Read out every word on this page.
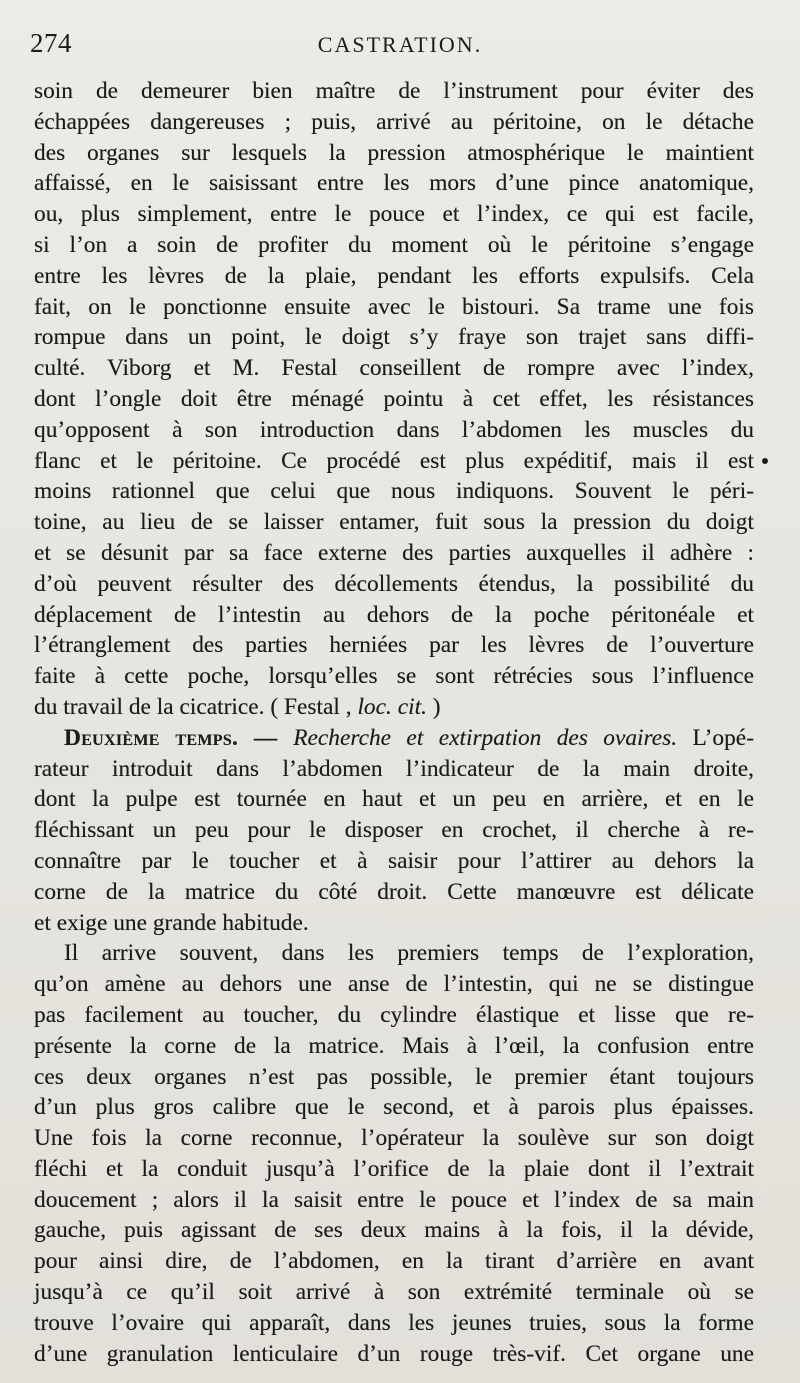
274	CASTRATION.
soin de demeurer bien maître de l’instrument pour éviter des
échappées dangereuses ; puis, arrivé au péritoine, on le détache
des organes sur lesquels la pression atmosphérique le maintient
affaissé, en le saisissant entre les mors d’une pince anatomique,
ou, plus simplement, entre le pouce et l’index, ce qui est facile,
si l’on a soin de profiter du moment où le péritoine s’engage
entre les lèvres de la plaie, pendant les efforts expulsifs. Cela
fait, on le ponctionne ensuite avec le bistouri. Sa trame une fois
rompue dans un point, le doigt s’y fraye son trajet sans diffi-
culté. Viborg et M. Festal conseillent de rompre avec l’index,
dont l’ongle doit être ménagé pointu à cet effet, les résistances
qu’opposent à son introduction dans l’abdomen les muscles du
flanc et le péritoine. Ce procédé est plus expéditif, mais il est
moins rationnel que celui que nous indiquons. Souvent le péri-
toine, au lieu de se laisser entamer, fuit sous la pression du doigt
et se désunit par sa face externe des parties auxquelles il adhère :
d’où peuvent résulter des décollements étendus, la possibilité du
déplacement de l’intestin au dehors de la poche péritonéale et
l’étranglement des parties herniées par les lèvres de l’ouverture
faite à cette poche, lorsqu’elles se sont rétrécies sous l’influence
du travail de la cicatrice. ( Festal , loc. cit. )
Deuxième temps. — Recherche et extirpation des ovaires. L’opé-
rateur introduit dans l’abdomen l’indicateur de la main droite,
dont la pulpe est tournée en haut et un peu en arrière, et en le
fléchissant un peu pour le disposer en crochet, il cherche à re-
connaître par le toucher et à saisir pour l’attirer au dehors la
corne de la matrice du côté droit. Cette manœuvre est délicate
et exige une grande habitude.
Il arrive souvent, dans les premiers temps de l’exploration,
qu’on amène au dehors une anse de l’intestin, qui ne se distingue
pas facilement au toucher, du cylindre élastique et lisse que re-
présente la corne de la matrice. Mais à l’œil, la confusion entre
ces deux organes n’est pas possible, le premier étant toujours
d’un plus gros calibre que le second, et à parois plus épaisses.
Une fois la corne reconnue, l’opérateur la soulève sur son doigt
fléchi et la conduit jusqu’à l’orifice de la plaie dont il l’extrait
doucement ; alors il la saisit entre le pouce et l’index de sa main
gauche, puis agissant de ses deux mains à la fois, il la dévide,
pour ainsi dire, de l’abdomen, en la tirant d’arrière en avant
jusqu’à ce qu’il soit arrivé à son extrémité terminale où se
trouve l’ovaire qui apparaît, dans les jeunes truies, sous la forme
d’une granulation lenticulaire d’un rouge très-vif. Cet organe une
